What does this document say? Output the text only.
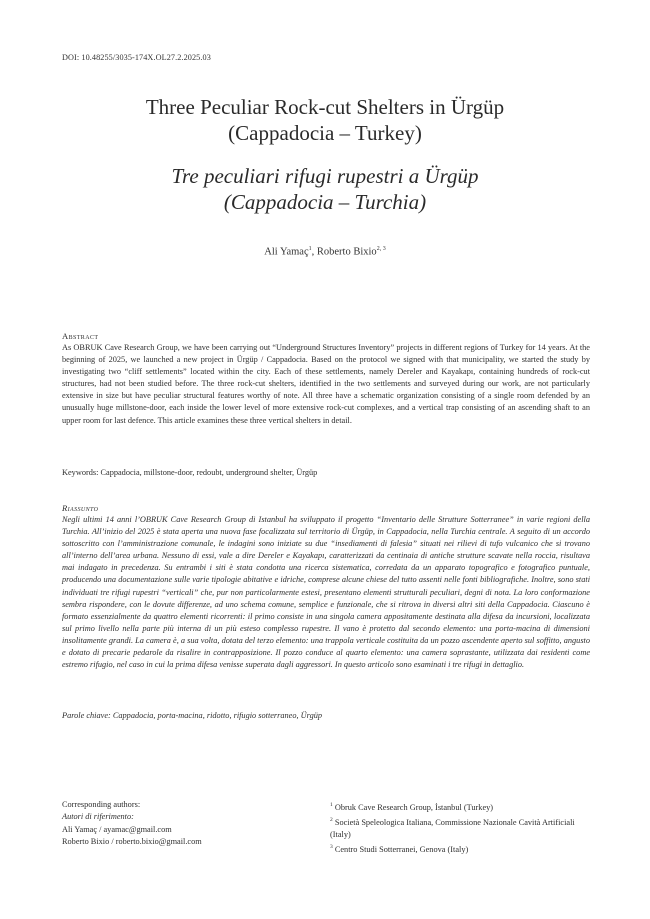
DOI: 10.48255/3035-174X.OL27.2.2025.03
Three Peculiar Rock-cut Shelters in Ürgüp
(Cappadocia – Turkey)
Tre peculiari rifugi rupestri a Ürgüp
(Cappadocia – Turchia)
Ali Yamaç$^1$, Roberto Bixio$^{2, 3}$
Abstract
As OBRUK Cave Research Group, we have been carrying out “Underground Structures Inventory” projects in different regions of Turkey for 14 years. At the beginning of 2025, we launched a new project in Ürgüp / Cappadocia. Based on the protocol we signed with that municipality, we started the study by investigating two “cliff settlements” located within the city. Each of these settlements, namely Dereler and Kayakapı, containing hundreds of rock-cut structures, had not been studied before. The three rock-cut shelters, identified in the two settlements and surveyed during our work, are not particularly extensive in size but have peculiar structural features worthy of note. All three have a schematic organization consisting of a single room defended by an unusually huge millstone-door, each inside the lower level of more extensive rock-cut complexes, and a vertical trap consisting of an ascending shaft to an upper room for last defence. This article examines these three vertical shelters in detail.
Keywords: Cappadocia, millstone-door, redoubt, underground shelter, Ürgüp
Riassunto
Negli ultimi 14 anni l’OBRUK Cave Research Group di Istanbul ha sviluppato il progetto “Inventario delle Strutture Sotterranee” in varie regioni della Turchia. All’inizio del 2025 è stata aperta una nuova fase focalizzata sul territorio di Ürgüp, in Cappadocia, nella Turchia centrale. A seguito di un accordo sottoscritto con l’amministrazione comunale, le indagini sono iniziate su due “insediamenti di falesia” situati nei rilievi di tufo vulcanico che si trovano all’interno dell’area urbana. Nessuno di essi, vale a dire Dereler e Kayakapı, caratterizzati da centinaia di antiche strutture scavate nella roccia, risultava mai indagato in precedenza. Su entrambi i siti è stata condotta una ricerca sistematica, corredata da un apparato topografico e fotografico puntuale, producendo una documentazione sulle varie tipologie abitative e idriche, comprese alcune chiese del tutto assenti nelle fonti bibliografiche. Inoltre, sono stati individuati tre rifugi rupestri “verticali” che, pur non particolarmente estesi, presentano elementi strutturali peculiari, degni di nota. La loro conformazione sembra rispondere, con le dovute differenze, ad uno schema comune, semplice e funzionale, che si ritrova in diversi altri siti della Cappadocia. Ciascuno è formato essenzialmente da quattro elementi ricorrenti: il primo consiste in una singola camera appositamente destinata alla difesa da incursioni, localizzata sul primo livello nella parte più interna di un più esteso complesso rupestre. Il vano è protetto dal secondo elemento: una porta-macina di dimensioni insolitamente grandi. La camera è, a sua volta, dotata del terzo elemento: una trappola verticale costituita da un pozzo ascendente aperto sul soffitto, angusto e dotato di precarie pedarole da risalire in contrapposizione. Il pozzo conduce al quarto elemento: una camera soprastante, utilizzata dai residenti come estremo rifugio, nel caso in cui la prima difesa venisse superata dagli aggressori. In questo articolo sono esaminati i tre rifugi in dettaglio.
Parole chiave: Cappadocia, porta-macina, ridotto, rifugio sotterraneo, Ürgüp
Corresponding authors:
Autori di riferimento:
Ali Yamaç / ayamac@gmail.com
Roberto Bixio / roberto.bixio@gmail.com
$^1$ Obruk Cave Research Group, İstanbul (Turkey)
$^2$ Società Speleologica Italiana, Commissione Nazionale Cavità Artificiali (Italy)
$^3$ Centro Studi Sotterranei, Genova (Italy)
